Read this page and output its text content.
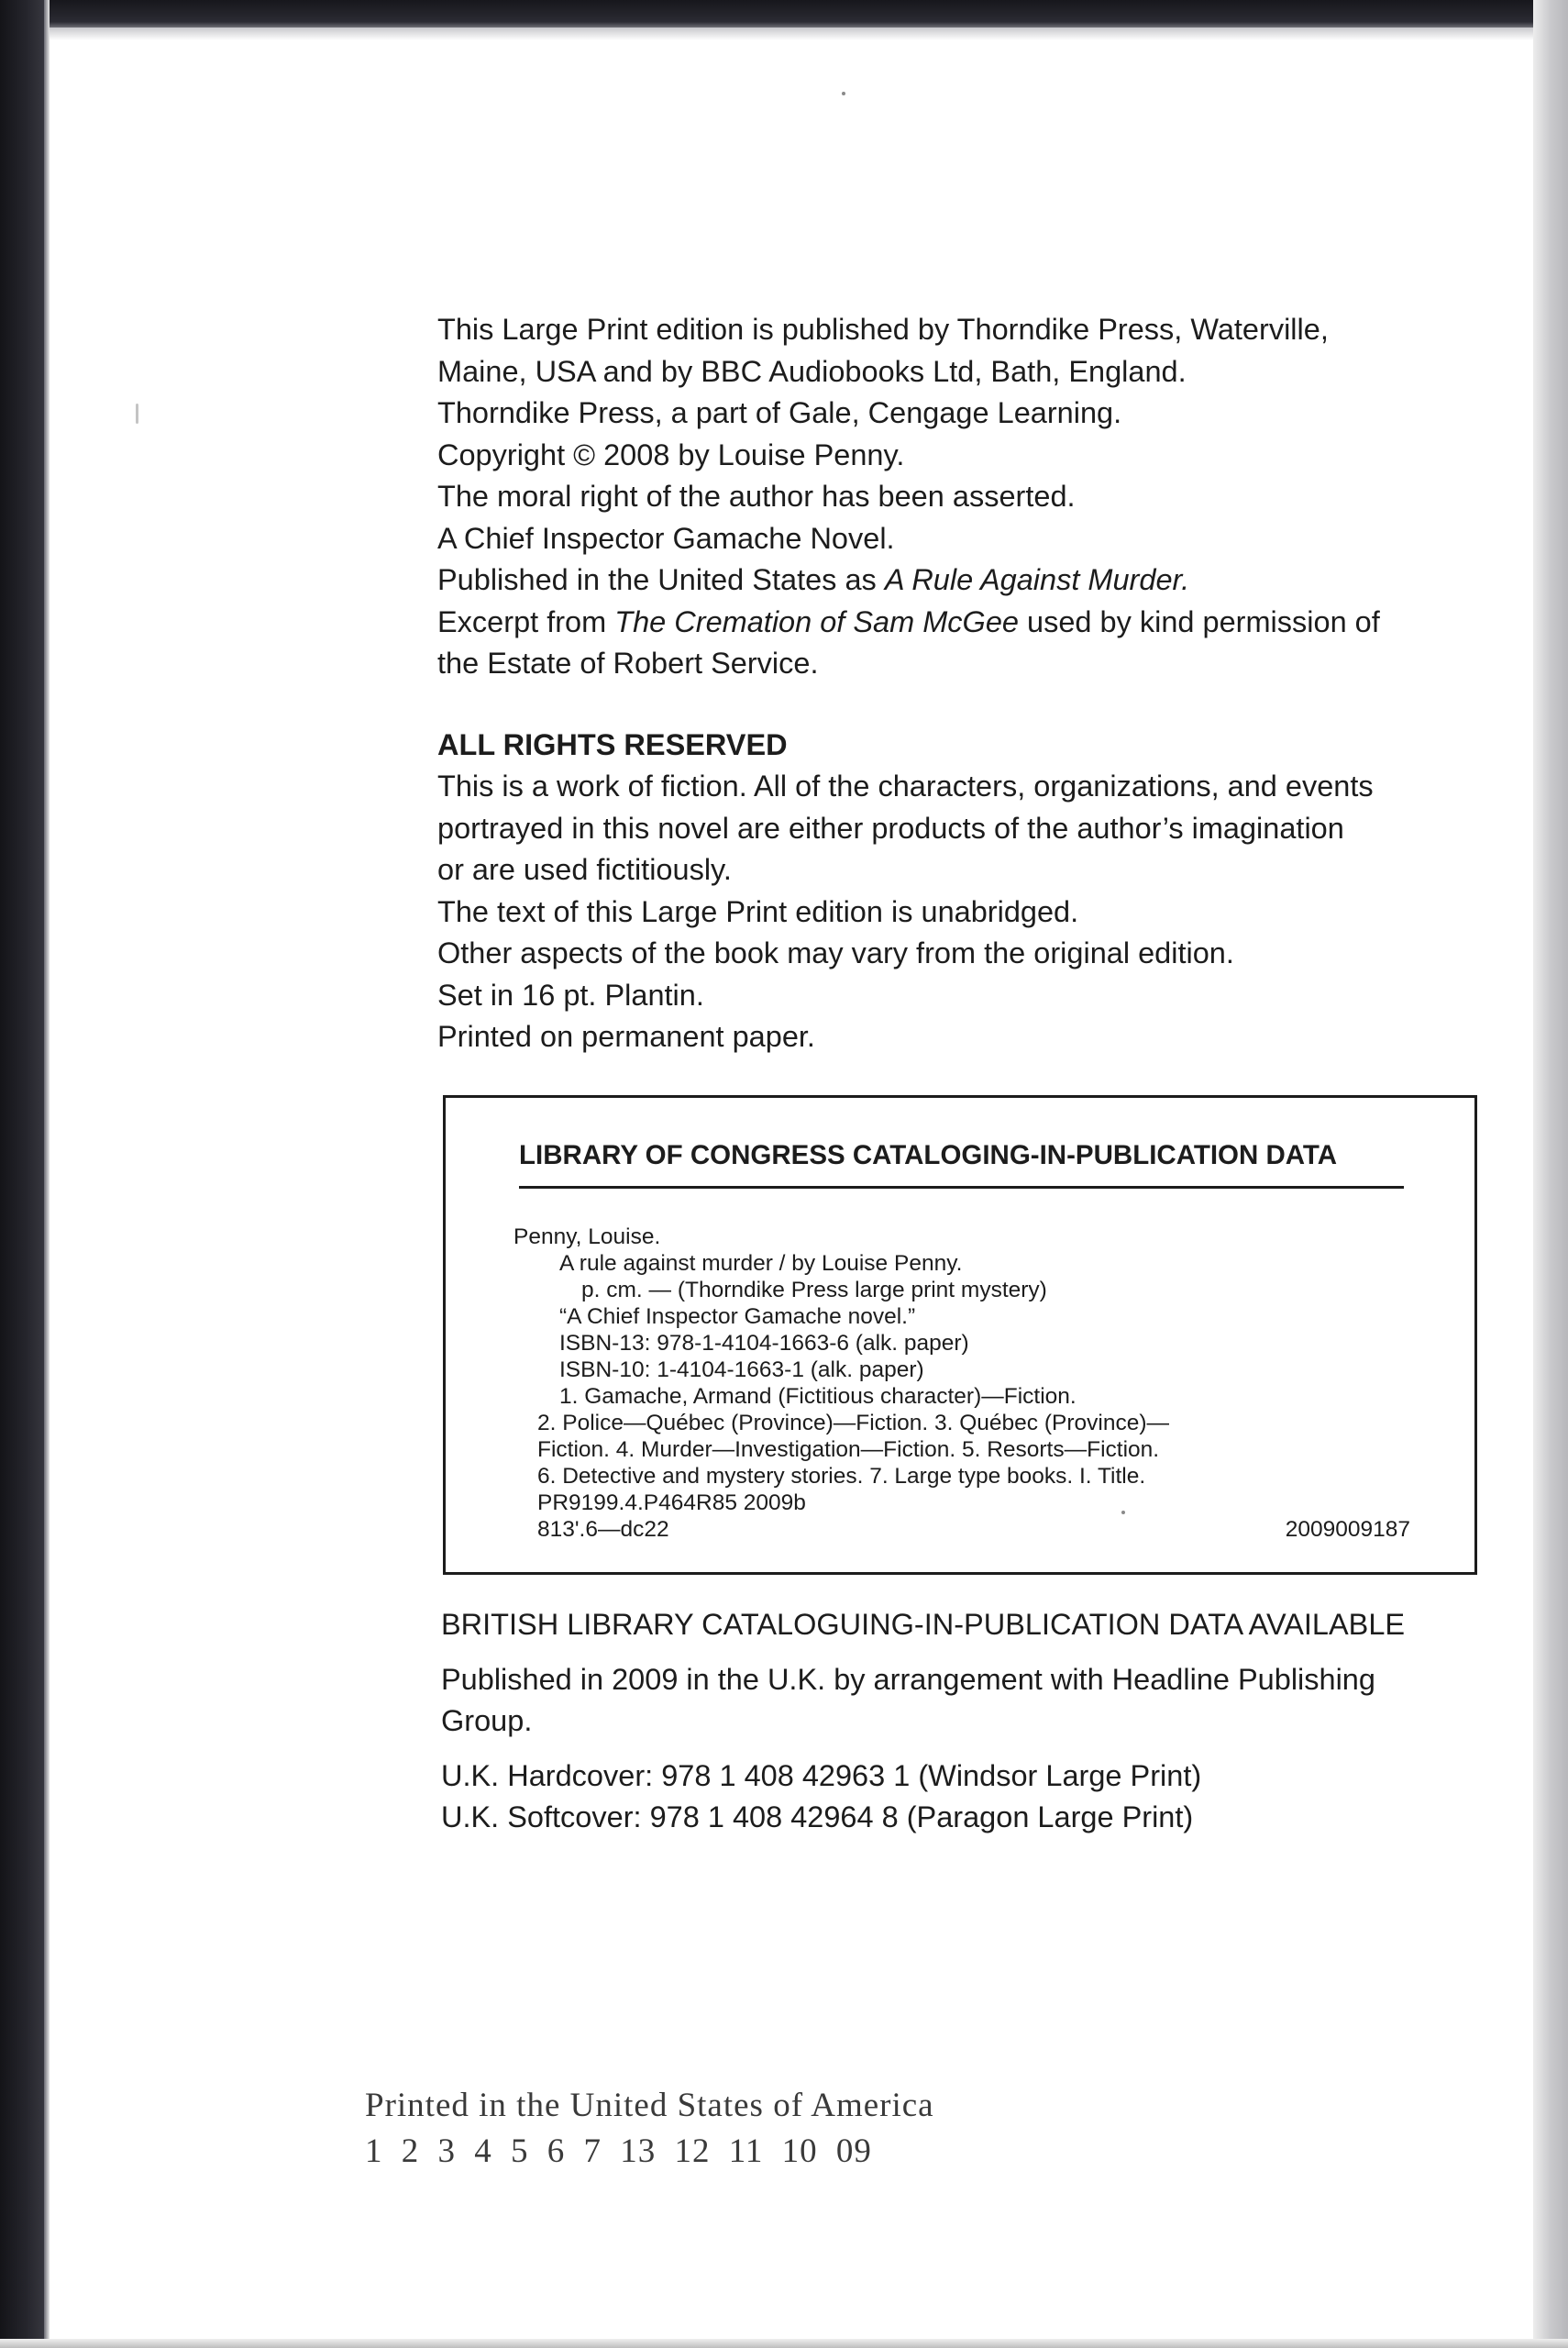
This Large Print edition is published by Thorndike Press, Waterville,

Maine, USA and by BBC Audiobooks Ltd, Bath, England.

Thorndike Press, a part of Gale, Cengage Learning.

Copyright © 2008 by Louise Penny.

The moral right of the author has been asserted.

A Chief Inspector Gamache Novel.

Published in the United States as A Rule Against Murder.

Excerpt from The Cremation of Sam McGee used by kind permission of

the Estate of Robert Service.

ALL RIGHTS RESERVED

This is a work of fiction. All of the characters, organizations, and events

portrayed in this novel are either products of the author’s imagination

or are used fictitiously.

The text of this Large Print edition is unabridged.

Other aspects of the book may vary from the original edition.

Set in 16 pt. Plantin.

Printed on permanent paper.

LIBRARY OF CONGRESS CATALOGING-IN-PUBLICATION DATA
Penny, Louise.
A rule against murder / by Louise Penny.
p. cm. — (Thorndike Press large print mystery)
“A Chief Inspector Gamache novel.”
ISBN-13: 978-1-4104-1663-6 (alk. paper)
ISBN-10: 1-4104-1663-1 (alk. paper)
1. Gamache, Armand (Fictitious character)—Fiction.
2. Police—Québec (Province)—Fiction. 3. Québec (Province)—
Fiction. 4. Murder—Investigation—Fiction. 5. Resorts—Fiction.
6. Detective and mystery stories. 7. Large type books. I. Title.
PR9199.4.P464R85 2009b
813'.6—dc22	2009009187

BRITISH LIBRARY CATALOGUING-IN-PUBLICATION DATA AVAILABLE

Published in 2009 in the U.K. by arrangement with Headline Publishing

Group.

U.K. Hardcover: 978 1 408 42963 1 (Windsor Large Print)

U.K. Softcover: 978 1 408 42964 8 (Paragon Large Print)

Printed in the United States of America
1 2 3 4 5 6 7 13 12 11 10 09
